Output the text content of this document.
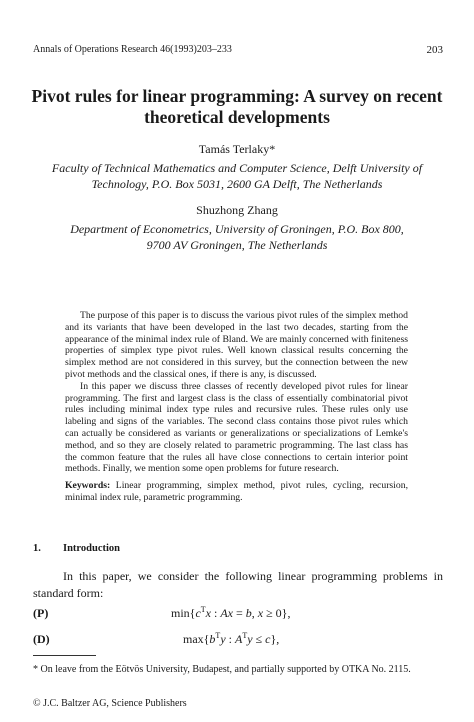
Annals of Operations Research 46(1993)203–233	203
Pivot rules for linear programming: A survey on recent
theoretical developments
Tamás Terlaky*
Faculty of Technical Mathematics and Computer Science, Delft University of
Technology, P.O. Box 5031, 2600 GA Delft, The Netherlands
Shuzhong Zhang
Department of Econometrics, University of Groningen, P.O. Box 800,
9700 AV Groningen, The Netherlands

The purpose of this paper is to discuss the various pivot rules of the simplex method and its variants that have been developed in the last two decades, starting from the appearance of the minimal index rule of Bland. We are mainly concerned with finiteness properties of simplex type pivot rules. Well known classical results concerning the simplex method are not considered in this survey, but the connection between the new pivot methods and the classical ones, if there is any, is discussed.

In this paper we discuss three classes of recently developed pivot rules for linear programming. The first and largest class is the class of essentially combinatorial pivot rules including minimal index type rules and recursive rules. These rules only use labeling and signs of the variables. The second class contains those pivot rules which can actually be considered as variants or generalizations or specializations of Lemke's method, and so they are closely related to parametric programming. The last class has the common feature that the rules all have close connections to certain interior point methods. Finally, we mention some open problems for future research.

Keywords: Linear programming, simplex method, pivot rules, cycling, recursion, minimal index rule, parametric programming.

1. Introduction

In this paper, we consider the following linear programming problems in standard form:

(P)	$\min\{c^Tx$ : Ax = b, x ≥ 0},
(D)	$\max\{b^Ty$ : $A^Ty \le c$},
* On leave from the Eötvös University, Budapest, and partially supported by OTKA No. 2115.
© J.C. Baltzer AG, Science Publishers
